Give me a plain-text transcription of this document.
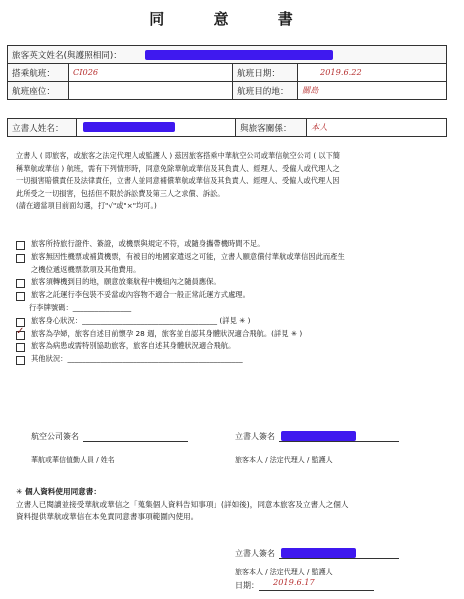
同 意 書
旅客英文姓名(與護照相同)：			
搭乘航班：	CI026	航班日期：	2019.6.22
航班座位：		航班目的地：	關島
立書人姓名：		與旅客關係：	本人
立書人 ( 即旅客，或旅客之法定代理人或監護人 ) 茲因旅客搭乘中華航空公司或華信航空公司 ( 以下簡
稱華航或華信 ) 航班，需有下列情形時，同意免除華航或華信及其負責人、經理人、受僱人或代理人之
一切損害賠償責任及法律責任，立書人並同意補償華航或華信及其負責人、經理人、受僱人或代理人因
此所受之一切損害，包括但不限於訴訟費及第三人之求償、訴訟。
(請在適當項目前面勾選，打"√"或"×"均可。)
旅客所持旅行證件、簽證，或機票與規定不符，或隨身攜帶機時間不足。
旅客無因性機票或補貨機票，有被目的地國家遣返之可能，立書人願意償付華航或華信因此而產生
之機位遞返機票款項及其他費用。
旅客須轉機到目的地，願意放棄航程中機組內之隨員應保。
旅客之託運行李包裝不妥當或內容物不適合一般正常託運方式處理。
行李牌號碼：________________
旅客身心狀況：_____________________________________ (詳見 ✳ )
✓
旅客為孕婦，旅客自述目前懷孕 28 週，旅客並自認其身體狀況適合飛航。(詳見 ✳ )
旅客為病患或需特別協助旅客，旅客自述其身體狀況適合飛航。
其他狀況：________________________________________________
航空公司簽名
華航或華信值勤人員 / 姓名
立書人簽名
旅客本人 / 法定代理人 / 監護人
✳ 個人資料使用同意書：
立書人已閱讀並接受華航或華信之「蒐集個人資料告知事項」(詳如後)，同意本旅客及立書人之個人
資料提供華航或華信在本免責同意書事項範圍內使用。
立書人簽名
旅客本人 / 法定代理人 / 監護人
日期： 2019.6.17
